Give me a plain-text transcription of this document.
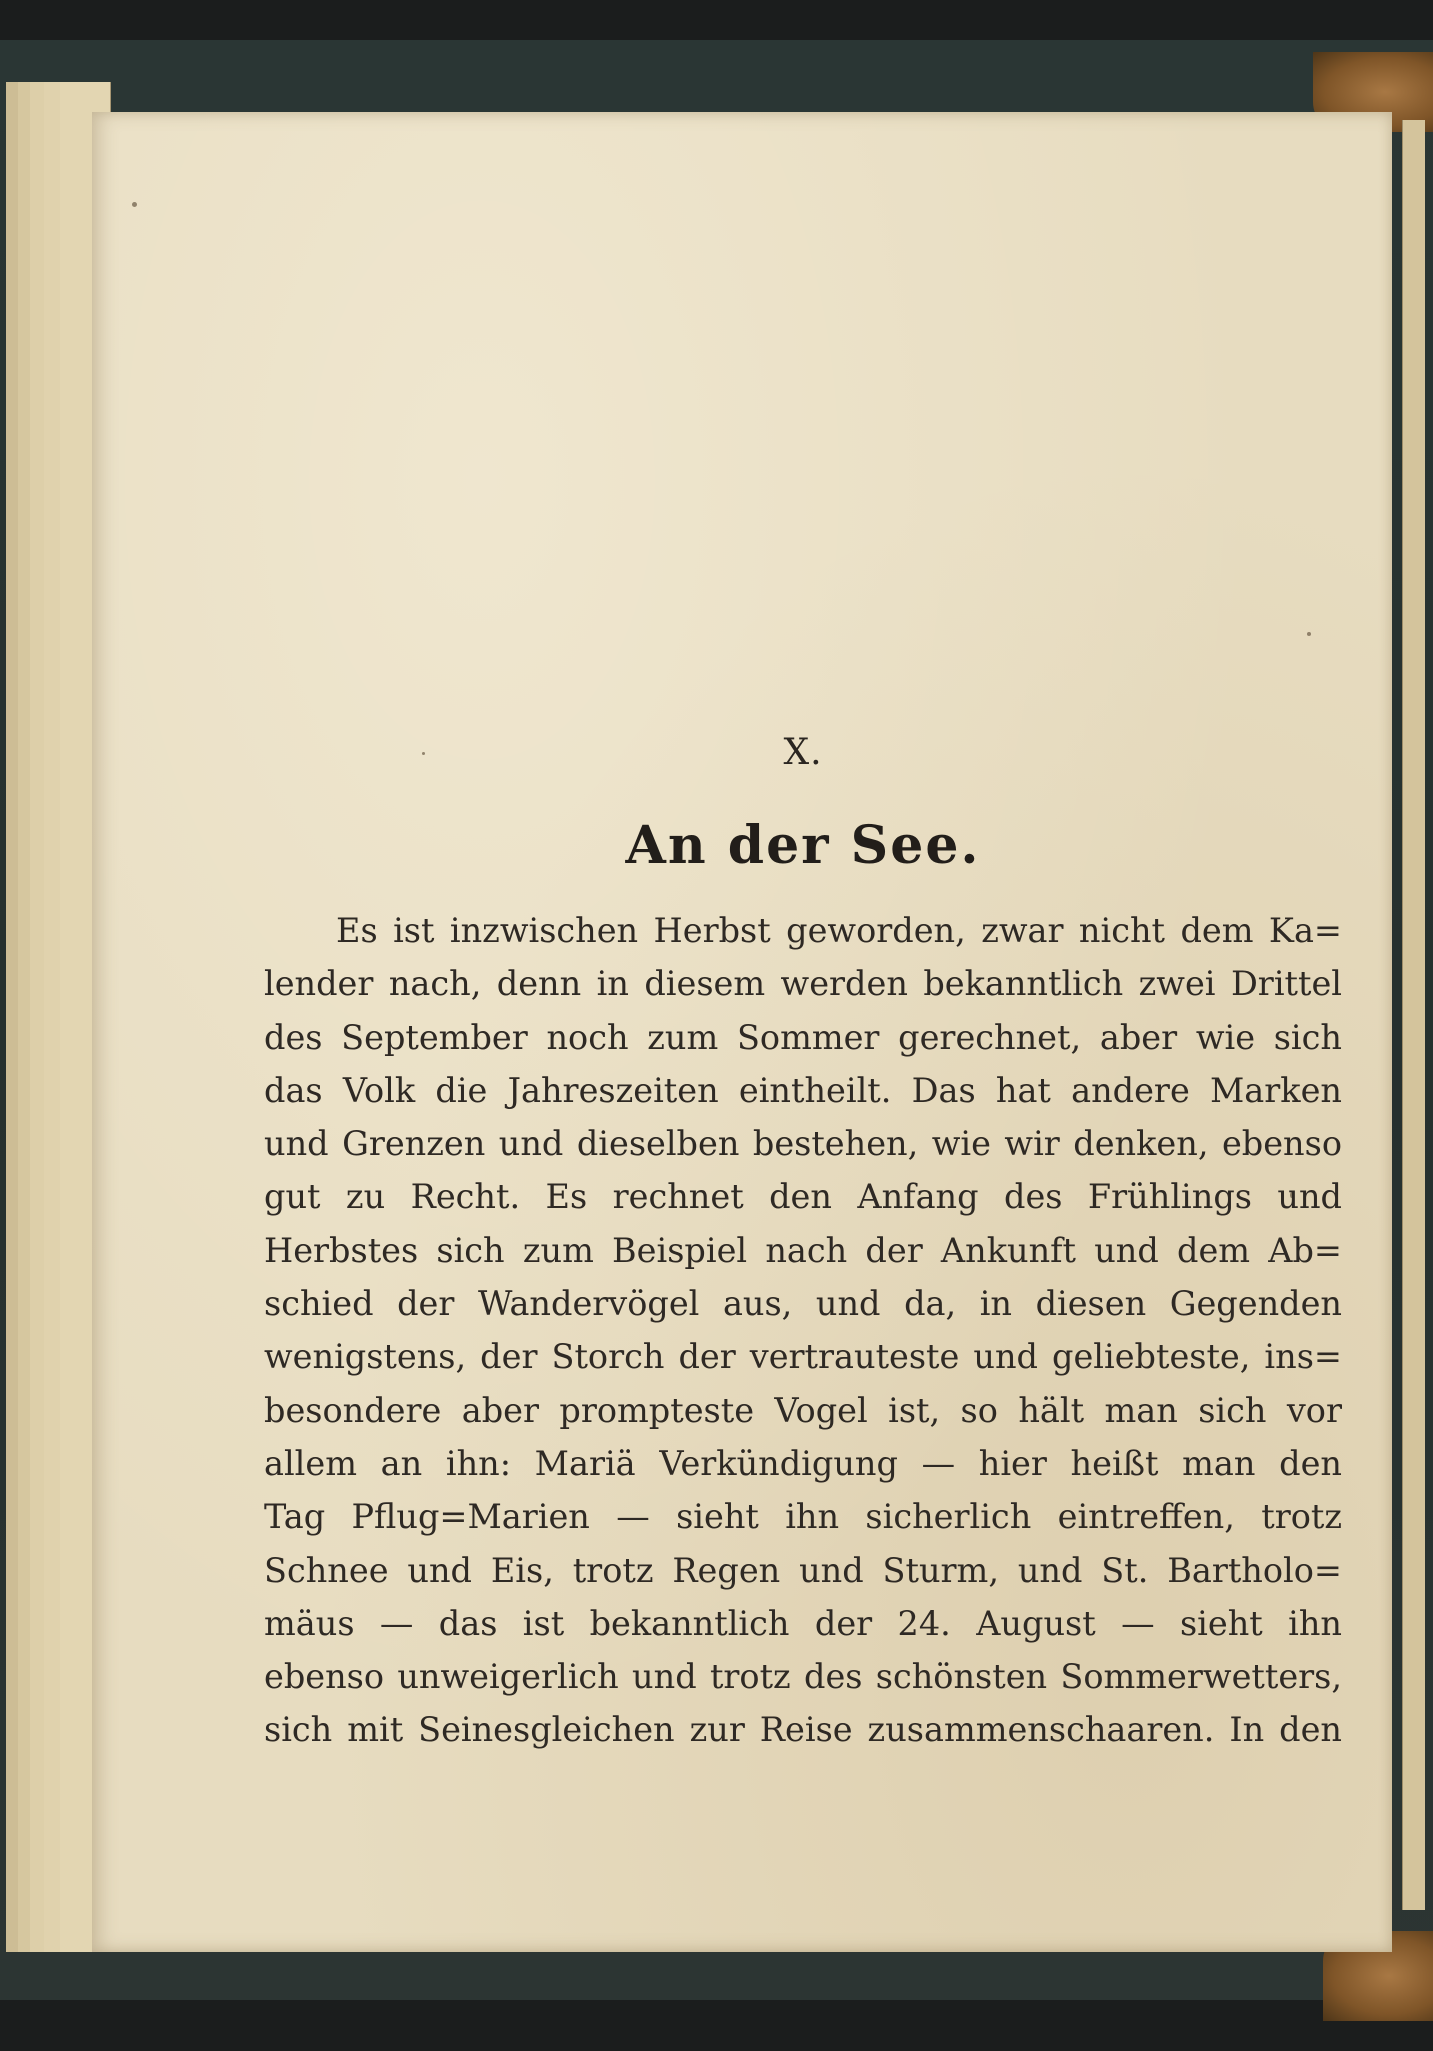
X.
An der See.
Es ist inzwischen Herbst geworden, zwar nicht dem Ka=
lender nach, denn in diesem werden bekanntlich zwei Drittel
des September noch zum Sommer gerechnet, aber wie sich
das Volk die Jahreszeiten eintheilt. Das hat andere Marken
und Grenzen und dieselben bestehen, wie wir denken, ebenso
gut zu Recht. Es rechnet den Anfang des Frühlings und
Herbstes sich zum Beispiel nach der Ankunft und dem Ab=
schied der Wandervögel aus, und da, in diesen Gegenden
wenigstens, der Storch der vertrauteste und geliebteste, ins=
besondere aber prompteste Vogel ist, so hält man sich vor
allem an ihn: Mariä Verkündigung — hier heißt man den
Tag Pflug=Marien — sieht ihn sicherlich eintreffen, trotz
Schnee und Eis, trotz Regen und Sturm, und St. Bartholo=
mäus — das ist bekanntlich der 24. August — sieht ihn
ebenso unweigerlich und trotz des schönsten Sommerwetters,
sich mit Seinesgleichen zur Reise zusammenschaaren. In den
